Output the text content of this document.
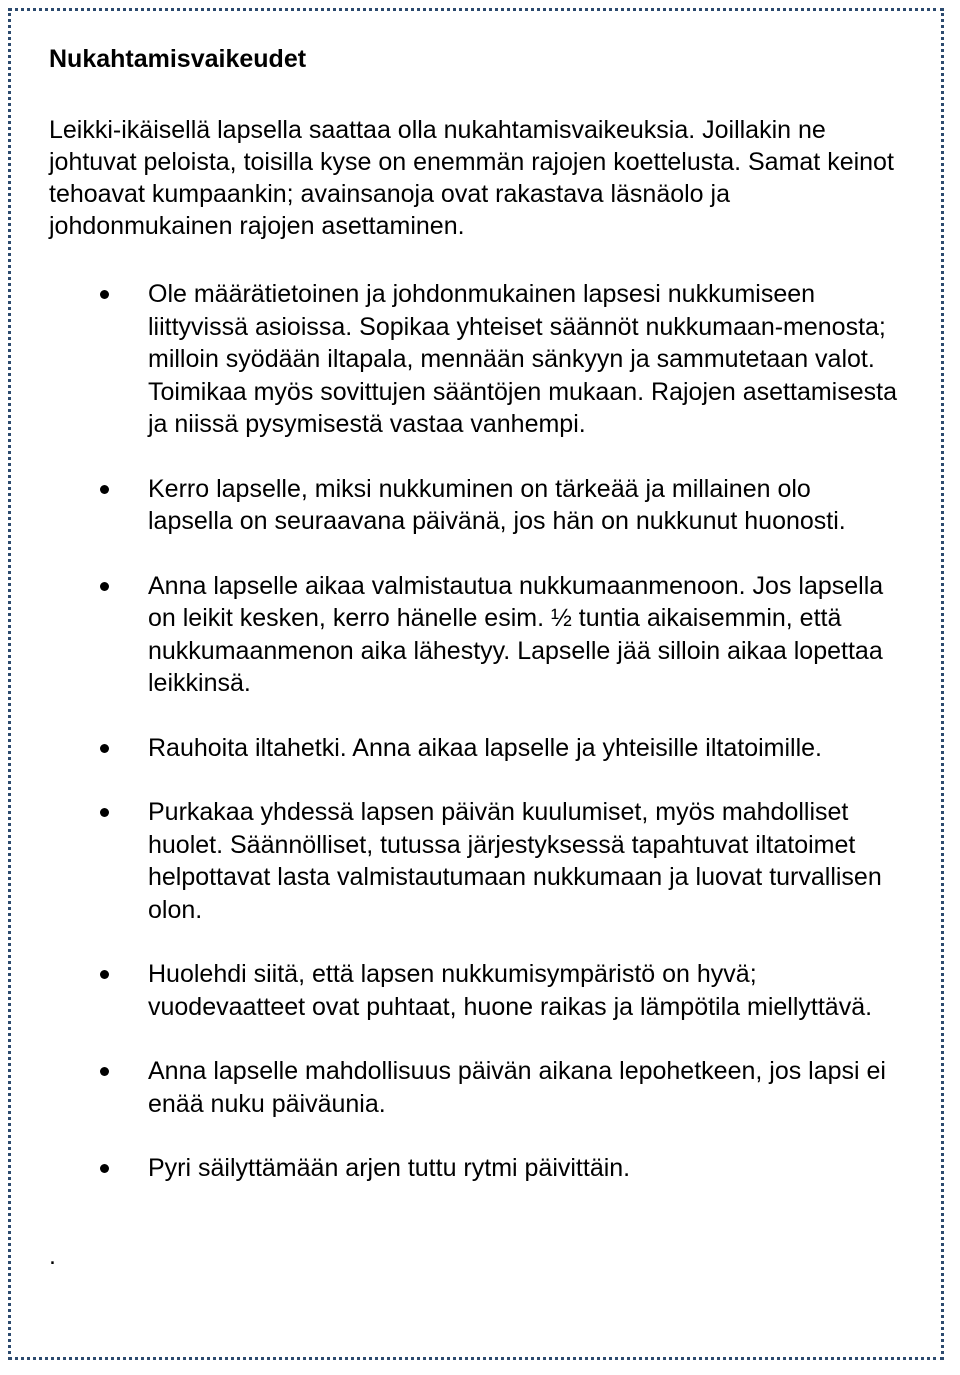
Nukahtamisvaikeudet

Leikki-ikäisellä lapsella saattaa olla nukahtamisvaikeuksia. Joillakin ne johtuvat peloista, toisilla kyse on enemmän rajojen koettelusta. Samat keinot tehoavat kumpaankin; avainsanoja ovat rakastava läsnäolo ja johdonmukainen rajojen asettaminen.

Ole määrätietoinen ja johdonmukainen lapsesi nukkumiseen liittyvissä asioissa. Sopikaa yhteiset säännöt nukkumaan-menosta; milloin syödään iltapala, mennään sänkyyn ja sammutetaan valot. Toimikaa myös sovittujen sääntöjen mukaan. Rajojen asettamisesta ja niissä pysymisestä vastaa vanhempi.
Kerro lapselle, miksi nukkuminen on tärkeää ja millainen olo lapsella on seuraavana päivänä, jos hän on nukkunut huonosti.
Anna lapselle aikaa valmistautua nukkumaanmenoon. Jos lapsella on leikit kesken, kerro hänelle esim. ½ tuntia aikaisemmin, että nukkumaanmenon aika lähestyy. Lapselle jää silloin aikaa lopettaa leikkinsä.
Rauhoita iltahetki. Anna aikaa lapselle ja yhteisille iltatoimille.
Purkakaa yhdessä lapsen päivän kuulumiset, myös mahdolliset huolet. Säännölliset, tutussa järjestyksessä tapahtuvat iltatoimet helpottavat lasta valmistautumaan nukkumaan ja luovat turvallisen olon.
Huolehdi siitä, että lapsen nukkumisympäristö on hyvä; vuodevaatteet ovat puhtaat, huone raikas ja lämpötila miellyttävä.
Anna lapselle mahdollisuus päivän aikana lepohetkeen, jos lapsi ei enää nuku päiväunia.
Pyri säilyttämään arjen tuttu rytmi päivittäin.
.
